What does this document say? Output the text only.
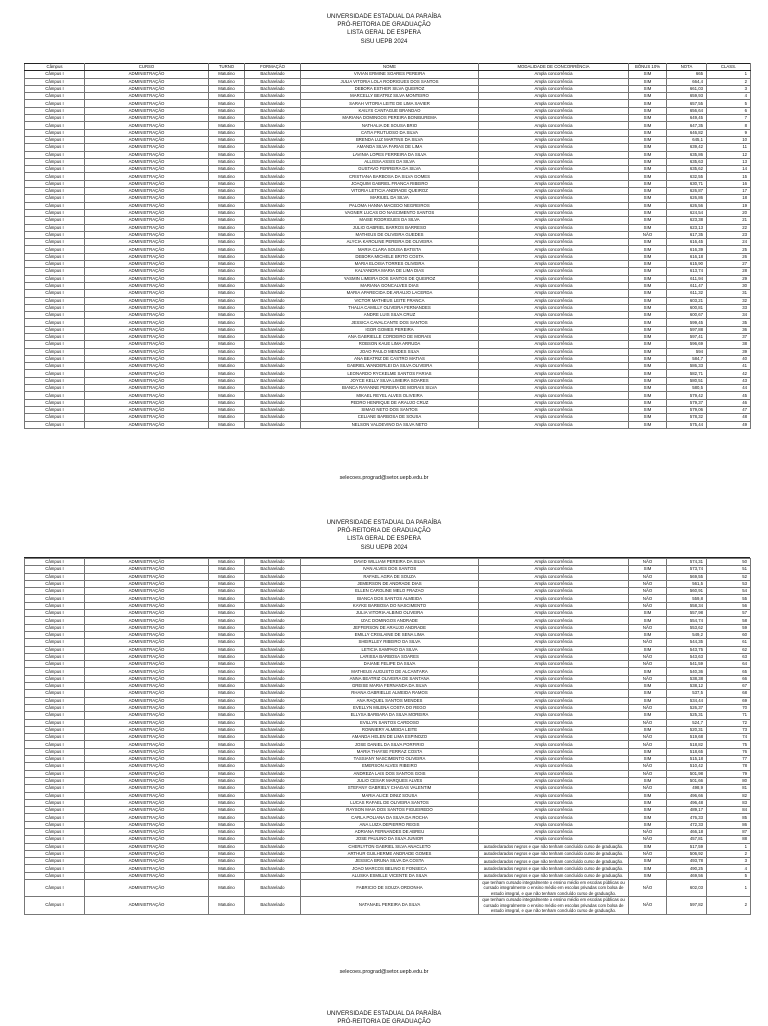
UNIVERSIDADE ESTADUAL DA PARAÍBA
PRÓ-REITORIA DE GRADUAÇÃO
LISTA GERAL DE ESPERA
SiSU UEPB 2024
Câmpus	CURSO	TURNO	FORMAÇÃO	NOME	MODALIDADE DE CONCORRÊNCIA	BÔNUS 10%	NOTA	CLASS.
Câmpus I	ADMINISTRAÇÃO	Matutino	Bacharelado	VIVIAN ERMINE SOARES PEREIRA	Ampla concorrência	SIM	665	1
Câmpus I	ADMINISTRAÇÃO	Matutino	Bacharelado	JULIA VITORIA LOLA RODRIGUES DOS SANTOS	Ampla concorrência	SIM	664,4	2
Câmpus I	ADMINISTRAÇÃO	Matutino	Bacharelado	DEBORA ESTHER SILVA QUEIROZ	Ampla concorrência	SIM	661,03	3
Câmpus I	ADMINISTRAÇÃO	Matutino	Bacharelado	MARCELLY BEATRIZ SILVA MONTEIRO	Ampla concorrência	SIM	659,93	4
Câmpus I	ADMINISTRAÇÃO	Matutino	Bacharelado	SARAH VITORIA LEITE DE LIMA XAVIER	Ampla concorrência	SIM	657,55	5
Câmpus I	ADMINISTRAÇÃO	Matutino	Bacharelado	KAILYS CANTAGUE BRANDAO	Ampla concorrência	SIM	656,64	6
Câmpus I	ADMINISTRAÇÃO	Matutino	Bacharelado	MARIANA DOMINGOS PEREIRA BONIBUREMA	Ampla concorrência	SIM	649,45	7
Câmpus I	ADMINISTRAÇÃO	Matutino	Bacharelado	NATHALIA DE SOUSA BRIO	Ampla concorrência	SIM	647,35	8
Câmpus I	ADMINISTRAÇÃO	Matutino	Bacharelado	CATIA FRUTUOSO DA SILVA	Ampla concorrência	SIM	646,82	9
Câmpus I	ADMINISTRAÇÃO	Matutino	Bacharelado	BRENDA LUZ MARTINS DA SILVA	Ampla concorrência	SIM	645,1	10
Câmpus I	ADMINISTRAÇÃO	Matutino	Bacharelado	AMANDA SILVA FARIAS DE LIMA	Ampla concorrência	SIM	639,42	11
Câmpus I	ADMINISTRAÇÃO	Matutino	Bacharelado	LAVINIA LOPES FERREIRA DA SILVA	Ampla concorrência	SIM	635,86	12
Câmpus I	ADMINISTRAÇÃO	Matutino	Bacharelado	ALLISSA ASSIS DA SILVA	Ampla concorrência	SIM	635,63	13
Câmpus I	ADMINISTRAÇÃO	Matutino	Bacharelado	GUSTAVO FERREIRA DA SILVA	Ampla concorrência	SIM	635,62	14
Câmpus I	ADMINISTRAÇÃO	Matutino	Bacharelado	CRISTIANA BARBOSA DA SILVA GOMES	Ampla concorrência	SIM	632,55	15
Câmpus I	ADMINISTRAÇÃO	Matutino	Bacharelado	JOAQUIM GABRIEL FRANCA RIBEIRO	Ampla concorrência	SIM	630,71	16
Câmpus I	ADMINISTRAÇÃO	Matutino	Bacharelado	VITORIA LETICIA ANDRADE QUEIROZ	Ampla concorrência	SIM	626,87	17
Câmpus I	ADMINISTRAÇÃO	Matutino	Bacharelado	MARIUEL DA SILVA	Ampla concorrência	SIM	626,86	18
Câmpus I	ADMINISTRAÇÃO	Matutino	Bacharelado	PALOMA HANNA MACEDO NEGREIROS	Ampla concorrência	SIM	626,56	19
Câmpus I	ADMINISTRAÇÃO	Matutino	Bacharelado	VAGNER LUCAS DO NASCIMENTO SANTOS	Ampla concorrência	SIM	624,54	20
Câmpus I	ADMINISTRAÇÃO	Matutino	Bacharelado	MAISE RODRIGUES DA SILVA	Ampla concorrência	SIM	623,38	21
Câmpus I	ADMINISTRAÇÃO	Matutino	Bacharelado	JULIO GABRIEL BARROS BARRESO	Ampla concorrência	SIM	623,13	22
Câmpus I	ADMINISTRAÇÃO	Matutino	Bacharelado	MATHEUS DE OLIVEIRA GUEDES	Ampla concorrência	NÃO	617,35	23
Câmpus I	ADMINISTRAÇÃO	Matutino	Bacharelado	ALYCIA KAROLINE PEREIRA DE OLIVEIRA	Ampla concorrência	SIM	616,45	24
Câmpus I	ADMINISTRAÇÃO	Matutino	Bacharelado	MARIA CLARA SOUSA BATISTA	Ampla concorrência	SIM	616,39	25
Câmpus I	ADMINISTRAÇÃO	Matutino	Bacharelado	DEBORA MICHELE BRITO COSTA	Ampla concorrência	SIM	616,18	26
Câmpus I	ADMINISTRAÇÃO	Matutino	Bacharelado	MARIA ELOISA TORRES OLIVEIRA	Ampla concorrência	SIM	615,90	27
Câmpus I	ADMINISTRAÇÃO	Matutino	Bacharelado	KALYANDRA MARIA DE LIMA DIAS	Ampla concorrência	SIM	613,74	28
Câmpus I	ADMINISTRAÇÃO	Matutino	Bacharelado	YASMIN LIMEIRA DOS SANTOS DE QUEIROZ	Ampla concorrência	SIM	611,94	29
Câmpus I	ADMINISTRAÇÃO	Matutino	Bacharelado	MARIANA GONCALVES DIAS	Ampla concorrência	SIM	611,47	30
Câmpus I	ADMINISTRAÇÃO	Matutino	Bacharelado	MARIA APARECIDA DE ARAUJO LACERDA	Ampla concorrência	SIM	611,32	31
Câmpus I	ADMINISTRAÇÃO	Matutino	Bacharelado	VICTOR MATHEUS LEITE FRANCA	Ampla concorrência	SIM	603,21	32
Câmpus I	ADMINISTRAÇÃO	Matutino	Bacharelado	THALIA CAMILLY OLIVEIRA FERNANDES	Ampla concorrência	SIM	600,81	33
Câmpus I	ADMINISTRAÇÃO	Matutino	Bacharelado	ANDRE LUIS SILVA CRUZ	Ampla concorrência	SIM	600,67	34
Câmpus I	ADMINISTRAÇÃO	Matutino	Bacharelado	JESSICA CAVALCANTE DOS SANTOS	Ampla concorrência	SIM	599,45	35
Câmpus I	ADMINISTRAÇÃO	Matutino	Bacharelado	IGOR GOMES PEREIRA	Ampla concorrência	SIM	597,88	36
Câmpus I	ADMINISTRAÇÃO	Matutino	Bacharelado	ANA GABRIELLE CORDEIRO DE MORAIS	Ampla concorrência	SIM	597,41	37
Câmpus I	ADMINISTRAÇÃO	Matutino	Bacharelado	ROBSON KAUE LIMA ARRUDA	Ampla concorrência	SIM	596,69	38
Câmpus I	ADMINISTRAÇÃO	Matutino	Bacharelado	JOAO PAULO MENDES SILVA	Ampla concorrência	SIM	594	39
Câmpus I	ADMINISTRAÇÃO	Matutino	Bacharelado	ANA BEATRIZ DE CASTRO MATIAS	Ampla concorrência	SIM	584,7	40
Câmpus I	ADMINISTRAÇÃO	Matutino	Bacharelado	GABRIEL WANDERLEI DA SILVA OLIVEIRA	Ampla concorrência	SIM	586,33	41
Câmpus I	ADMINISTRAÇÃO	Matutino	Bacharelado	LEONARDO RYCKELME SANTOS FARIAS	Ampla concorrência	SIM	582,71	42
Câmpus I	ADMINISTRAÇÃO	Matutino	Bacharelado	JOYCE KELLY SILVA LIMEIRA SOARES	Ampla concorrência	SIM	580,51	43
Câmpus I	ADMINISTRAÇÃO	Matutino	Bacharelado	BIANCA RAYANNE PEREIRA DE MORAIS SILVA	Ampla concorrência	SIM	580,5	44
Câmpus I	ADMINISTRAÇÃO	Matutino	Bacharelado	MIKAEL REYEL ALVES OLIVEIRA	Ampla concorrência	SIM	579,42	45
Câmpus I	ADMINISTRAÇÃO	Matutino	Bacharelado	PEDRO HENRIQUE DE ARAUJO CRUZ	Ampla concorrência	SIM	579,37	46
Câmpus I	ADMINISTRAÇÃO	Matutino	Bacharelado	SIMAO NETO DOS SANTOS	Ampla concorrência	SIM	579,06	47
Câmpus I	ADMINISTRAÇÃO	Matutino	Bacharelado	CELIANE BARBOSA DE SOUSA	Ampla concorrência	SIM	578,32	48
Câmpus I	ADMINISTRAÇÃO	Matutino	Bacharelado	NELSON VALDEVINO DA SILVA NETO	Ampla concorrência	SIM	575,44	49
selecoes.prograd@setor.uepb.edu.br
UNIVERSIDADE ESTADUAL DA PARAÍBA
PRÓ-REITORIA DE GRADUAÇÃO
LISTA GERAL DE ESPERA
SiSU UEPB 2024
Câmpus I	ADMINISTRAÇÃO	Matutino	Bacharelado	DAVID WILLIAM PEREIRA DA SILVA	Ampla concorrência	NÃO	574,31	50
Câmpus I	ADMINISTRAÇÃO	Matutino	Bacharelado	IVAN ALVES DOS SANTOS	Ampla concorrência	SIM	573,74	51
Câmpus I	ADMINISTRAÇÃO	Matutino	Bacharelado	RAFAEL AGRA DE SOUZA	Ampla concorrência	NÃO	569,55	52
Câmpus I	ADMINISTRAÇÃO	Matutino	Bacharelado	JEMERSON DE ANDRADE DIAS	Ampla concorrência	NÃO	561,5	53
Câmpus I	ADMINISTRAÇÃO	Matutino	Bacharelado	ELLEN CAROLINE MELO FRAZAO	Ampla concorrência	NÃO	560,91	54
Câmpus I	ADMINISTRAÇÃO	Matutino	Bacharelado	BIANCA DOS SANTOS ALMEIDA	Ampla concorrência	NÃO	559,8	55
Câmpus I	ADMINISTRAÇÃO	Matutino	Bacharelado	KAYKE BARBOSA DO NASCIMENTO	Ampla concorrência	NÃO	558,34	56
Câmpus I	ADMINISTRAÇÃO	Matutino	Bacharelado	JULIA VITORIA ALBINO OLIVEIRA	Ampla concorrência	SIM	557,98	57
Câmpus I	ADMINISTRAÇÃO	Matutino	Bacharelado	IZAC DOMINGOS ANDRADE	Ampla concorrência	SIM	554,74	58
Câmpus I	ADMINISTRAÇÃO	Matutino	Bacharelado	JEFFERSON DE ARAUJO ANDRADE	Ampla concorrência	NÃO	553,62	59
Câmpus I	ADMINISTRAÇÃO	Matutino	Bacharelado	EMILLY CRISLAINE DE SENA LIMA	Ampla concorrência	SIM	549,2	60
Câmpus I	ADMINISTRAÇÃO	Matutino	Bacharelado	SHEIRLLEY RIBEIRO DA SILVA	Ampla concorrência	NÃO	544,35	61
Câmpus I	ADMINISTRAÇÃO	Matutino	Bacharelado	LETICIA SAMPAIO DA SILVA	Ampla concorrência	SIM	543,75	62
Câmpus I	ADMINISTRAÇÃO	Matutino	Bacharelado	LARISSA BARBOSA SOARES	Ampla concorrência	NÃO	543,63	63
Câmpus I	ADMINISTRAÇÃO	Matutino	Bacharelado	DAIANE FELIPE DA SILVA	Ampla concorrência	NÃO	541,59	64
Câmpus I	ADMINISTRAÇÃO	Matutino	Bacharelado	MATHEUS AUGUSTO DE ALCANTARA	Ampla concorrência	SIM	540,36	65
Câmpus I	ADMINISTRAÇÃO	Matutino	Bacharelado	ANNA BEATRIZ OLIVEIRA DE SANTANA	Ampla concorrência	NÃO	538,38	66
Câmpus I	ADMINISTRAÇÃO	Matutino	Bacharelado	GREISE MARIA FERNANDA DA SILVA	Ampla concorrência	SIM	538,12	67
Câmpus I	ADMINISTRAÇÃO	Matutino	Bacharelado	RHANA GABRIELLE ALMEIDA RAMOS	Ampla concorrência	SIM	537,5	68
Câmpus I	ADMINISTRAÇÃO	Matutino	Bacharelado	ANA RAQUEL SANTOS MENDES	Ampla concorrência	SIM	534,44	69
Câmpus I	ADMINISTRAÇÃO	Matutino	Bacharelado	EVELLYN MILENA COSTA DO REGO	Ampla concorrência	NÃO	526,37	70
Câmpus I	ADMINISTRAÇÃO	Matutino	Bacharelado	ELLYSA BARBARA DA SILVA MOREIRA	Ampla concorrência	SIM	525,31	71
Câmpus I	ADMINISTRAÇÃO	Matutino	Bacharelado	EVILLYN SANTOS CARDOSO	Ampla concorrência	NÃO	524,7	72
Câmpus I	ADMINISTRAÇÃO	Matutino	Bacharelado	RONNIERY ALMEIDA LEITE	Ampla concorrência	SIM	520,31	73
Câmpus I	ADMINISTRAÇÃO	Matutino	Bacharelado	AMANDA HELEN DE LIMA ESPINOZO	Ampla concorrência	NÃO	519,68	74
Câmpus I	ADMINISTRAÇÃO	Matutino	Bacharelado	JOSE DANIEL DA SILVA PORFIRIO	Ampla concorrência	NÃO	518,82	75
Câmpus I	ADMINISTRAÇÃO	Matutino	Bacharelado	MARIA THAYSE FERRAZ COSTA	Ampla concorrência	SIM	518,65	76
Câmpus I	ADMINISTRAÇÃO	Matutino	Bacharelado	TASSIANY NASCIMENTO OLIVEIRA	Ampla concorrência	SIM	515,18	77
Câmpus I	ADMINISTRAÇÃO	Matutino	Bacharelado	EMERSON ALVES RIBEIRO	Ampla concorrência	NÃO	510,42	78
Câmpus I	ADMINISTRAÇÃO	Matutino	Bacharelado	ANDREZA LAIS DOS SANTOS GOIS	Ampla concorrência	NÃO	501,98	79
Câmpus I	ADMINISTRAÇÃO	Matutino	Bacharelado	JULIO CESAR MARQUES ALVES	Ampla concorrência	SIM	501,66	80
Câmpus I	ADMINISTRAÇÃO	Matutino	Bacharelado	STEFANY GABRIELY CHAGAS VALENTIM	Ampla concorrência	NÃO	498,9	81
Câmpus I	ADMINISTRAÇÃO	Matutino	Bacharelado	MARIA ALICE DINIZ SOUSA	Ampla concorrência	SIM	496,66	82
Câmpus I	ADMINISTRAÇÃO	Matutino	Bacharelado	LUCAS RAFAEL DE OLIVEIRA SANTOS	Ampla concorrência	SIM	496,48	83
Câmpus I	ADMINISTRAÇÃO	Matutino	Bacharelado	RAYSON MAIA DOS SANTOS FIGUEIREDO	Ampla concorrência	SIM	489,17	84
Câmpus I	ADMINISTRAÇÃO	Matutino	Bacharelado	CARLA POLIANA DA SILVA DA ROCHA	Ampla concorrência	SIM	476,33	85
Câmpus I	ADMINISTRAÇÃO	Matutino	Bacharelado	ANA LUIZA DEPIERRO REGIS	Ampla concorrência	SIM	472,33	86
Câmpus I	ADMINISTRAÇÃO	Matutino	Bacharelado	ADRIANA FERNANDES DE ABREU	Ampla concorrência	NÃO	466,18	87
Câmpus I	ADMINISTRAÇÃO	Matutino	Bacharelado	JOSE PAULINO DA SILVA JUNIOR	Ampla concorrência	NÃO	457,81	88
Câmpus I	ADMINISTRAÇÃO	Matutino	Bacharelado	CHERLYTON GABRIEL SILVA ANACLETO	autodeclarados negros e que não tenham concluído curso de graduação.	SIM	517,59	1
Câmpus I	ADMINISTRAÇÃO	Matutino	Bacharelado	ARTHUR GUILHERME ANDRADE GOMES	autodeclarados negros e que não tenham concluído curso de graduação.	NÃO	506,92	2
Câmpus I	ADMINISTRAÇÃO	Matutino	Bacharelado	JESSICA BRUNA SILVA DA COSTA	autodeclarados negros e que não tenham concluído curso de graduação.	SIM	493,78	3
Câmpus I	ADMINISTRAÇÃO	Matutino	Bacharelado	JOAO MARCOS BELINO E FONSECA	autodeclarados negros e que não tenham concluído curso de graduação.	SIM	490,25	4
Câmpus I	ADMINISTRAÇÃO	Matutino	Bacharelado	ALUSKA ESMILLE VICENTE DA SILVA	autodeclarados negros e que não tenham concluído curso de graduação.	SIM	469,56	5
Câmpus I	ADMINISTRAÇÃO	Matutino	Bacharelado	FABRICIO DE SOUZA ORDONHA	que tenham cursado integralmente o ensino médio em escolas públicas ou cursado integralmente o ensino médio em escolas privadas com bolsa de estudo integral, e que não tenham concluído curso de graduação.	NÃO	602,03	1
Câmpus I	ADMINISTRAÇÃO	Matutino	Bacharelado	NATANAEL PEREIRA DA SILVA	que tenham cursado integralmente o ensino médio em escolas públicas ou cursado integralmente o ensino médio em escolas privadas com bolsa de estudo integral, e que não tenham concluído curso de graduação.	NÃO	597,82	2
selecoes.prograd@setor.uepb.edu.br
UNIVERSIDADE ESTADUAL DA PARAÍBA
PRÓ-REITORIA DE GRADUAÇÃO
